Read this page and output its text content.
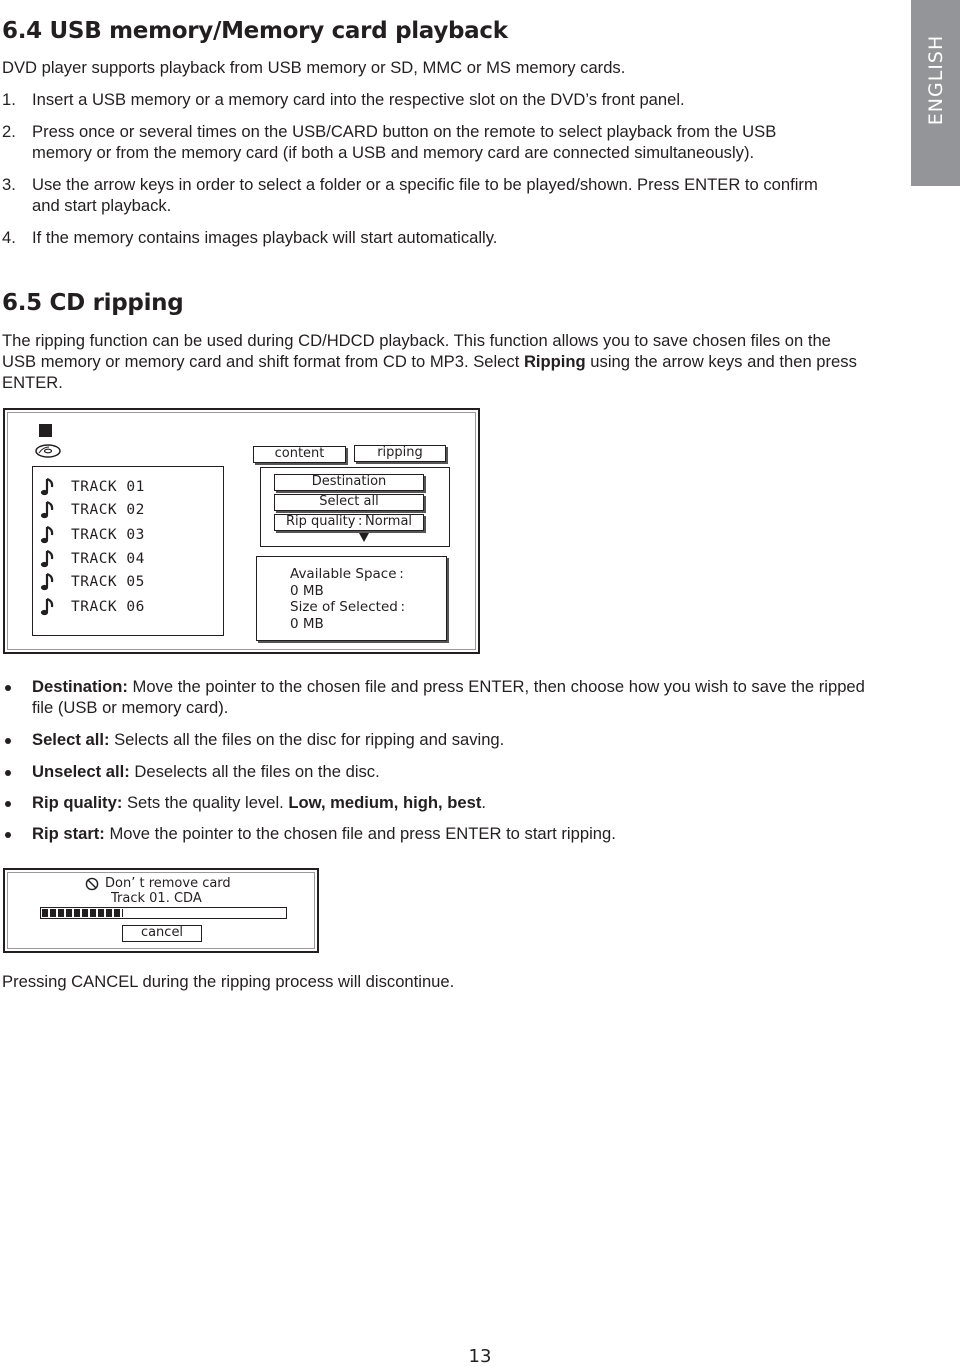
ENGLISH
6.4 USB memory/Memory card playback
DVD player supports playback from USB memory or SD, MMC or MS memory cards.
1. Insert a USB memory or a memory card into the respective slot on the DVD’s front panel.
2. Press once or several times on the USB/CARD button on the remote to select playback from the USB memory or from the memory card (if both a USB and memory card are connected simultaneously).
3. Use the arrow keys in order to select a folder or a specific file to be played/shown. Press ENTER to confirm and start playback.
4. If the memory contains images playback will start automatically.
6.5 CD ripping
The ripping function can be used during CD/HDCD playback. This function allows you to save chosen files on the USB memory or memory card and shift format from CD to MP3. Select Ripping using the arrow keys and then press ENTER.
content	ripping
TRACK 01
TRACK 02
TRACK 03
TRACK 04
TRACK 05
TRACK 06
Destination
Select all
Rip quality : Normal
Available Space :
0 MB
Size of Selected :
0 MB
Destination: Move the pointer to the chosen file and press ENTER, then choose how you wish to save the ripped file (USB or memory card).
Select all: Selects all the files on the disc for ripping and saving.
Unselect all: Deselects all the files on the disc.
Rip quality: Sets the quality level. Low, medium, high, best.
Rip start: Move the pointer to the chosen file and press ENTER to start ripping.
Don’ t remove card
Track 01. CDA
cancel
Pressing CANCEL during the ripping process will discontinue.
13
